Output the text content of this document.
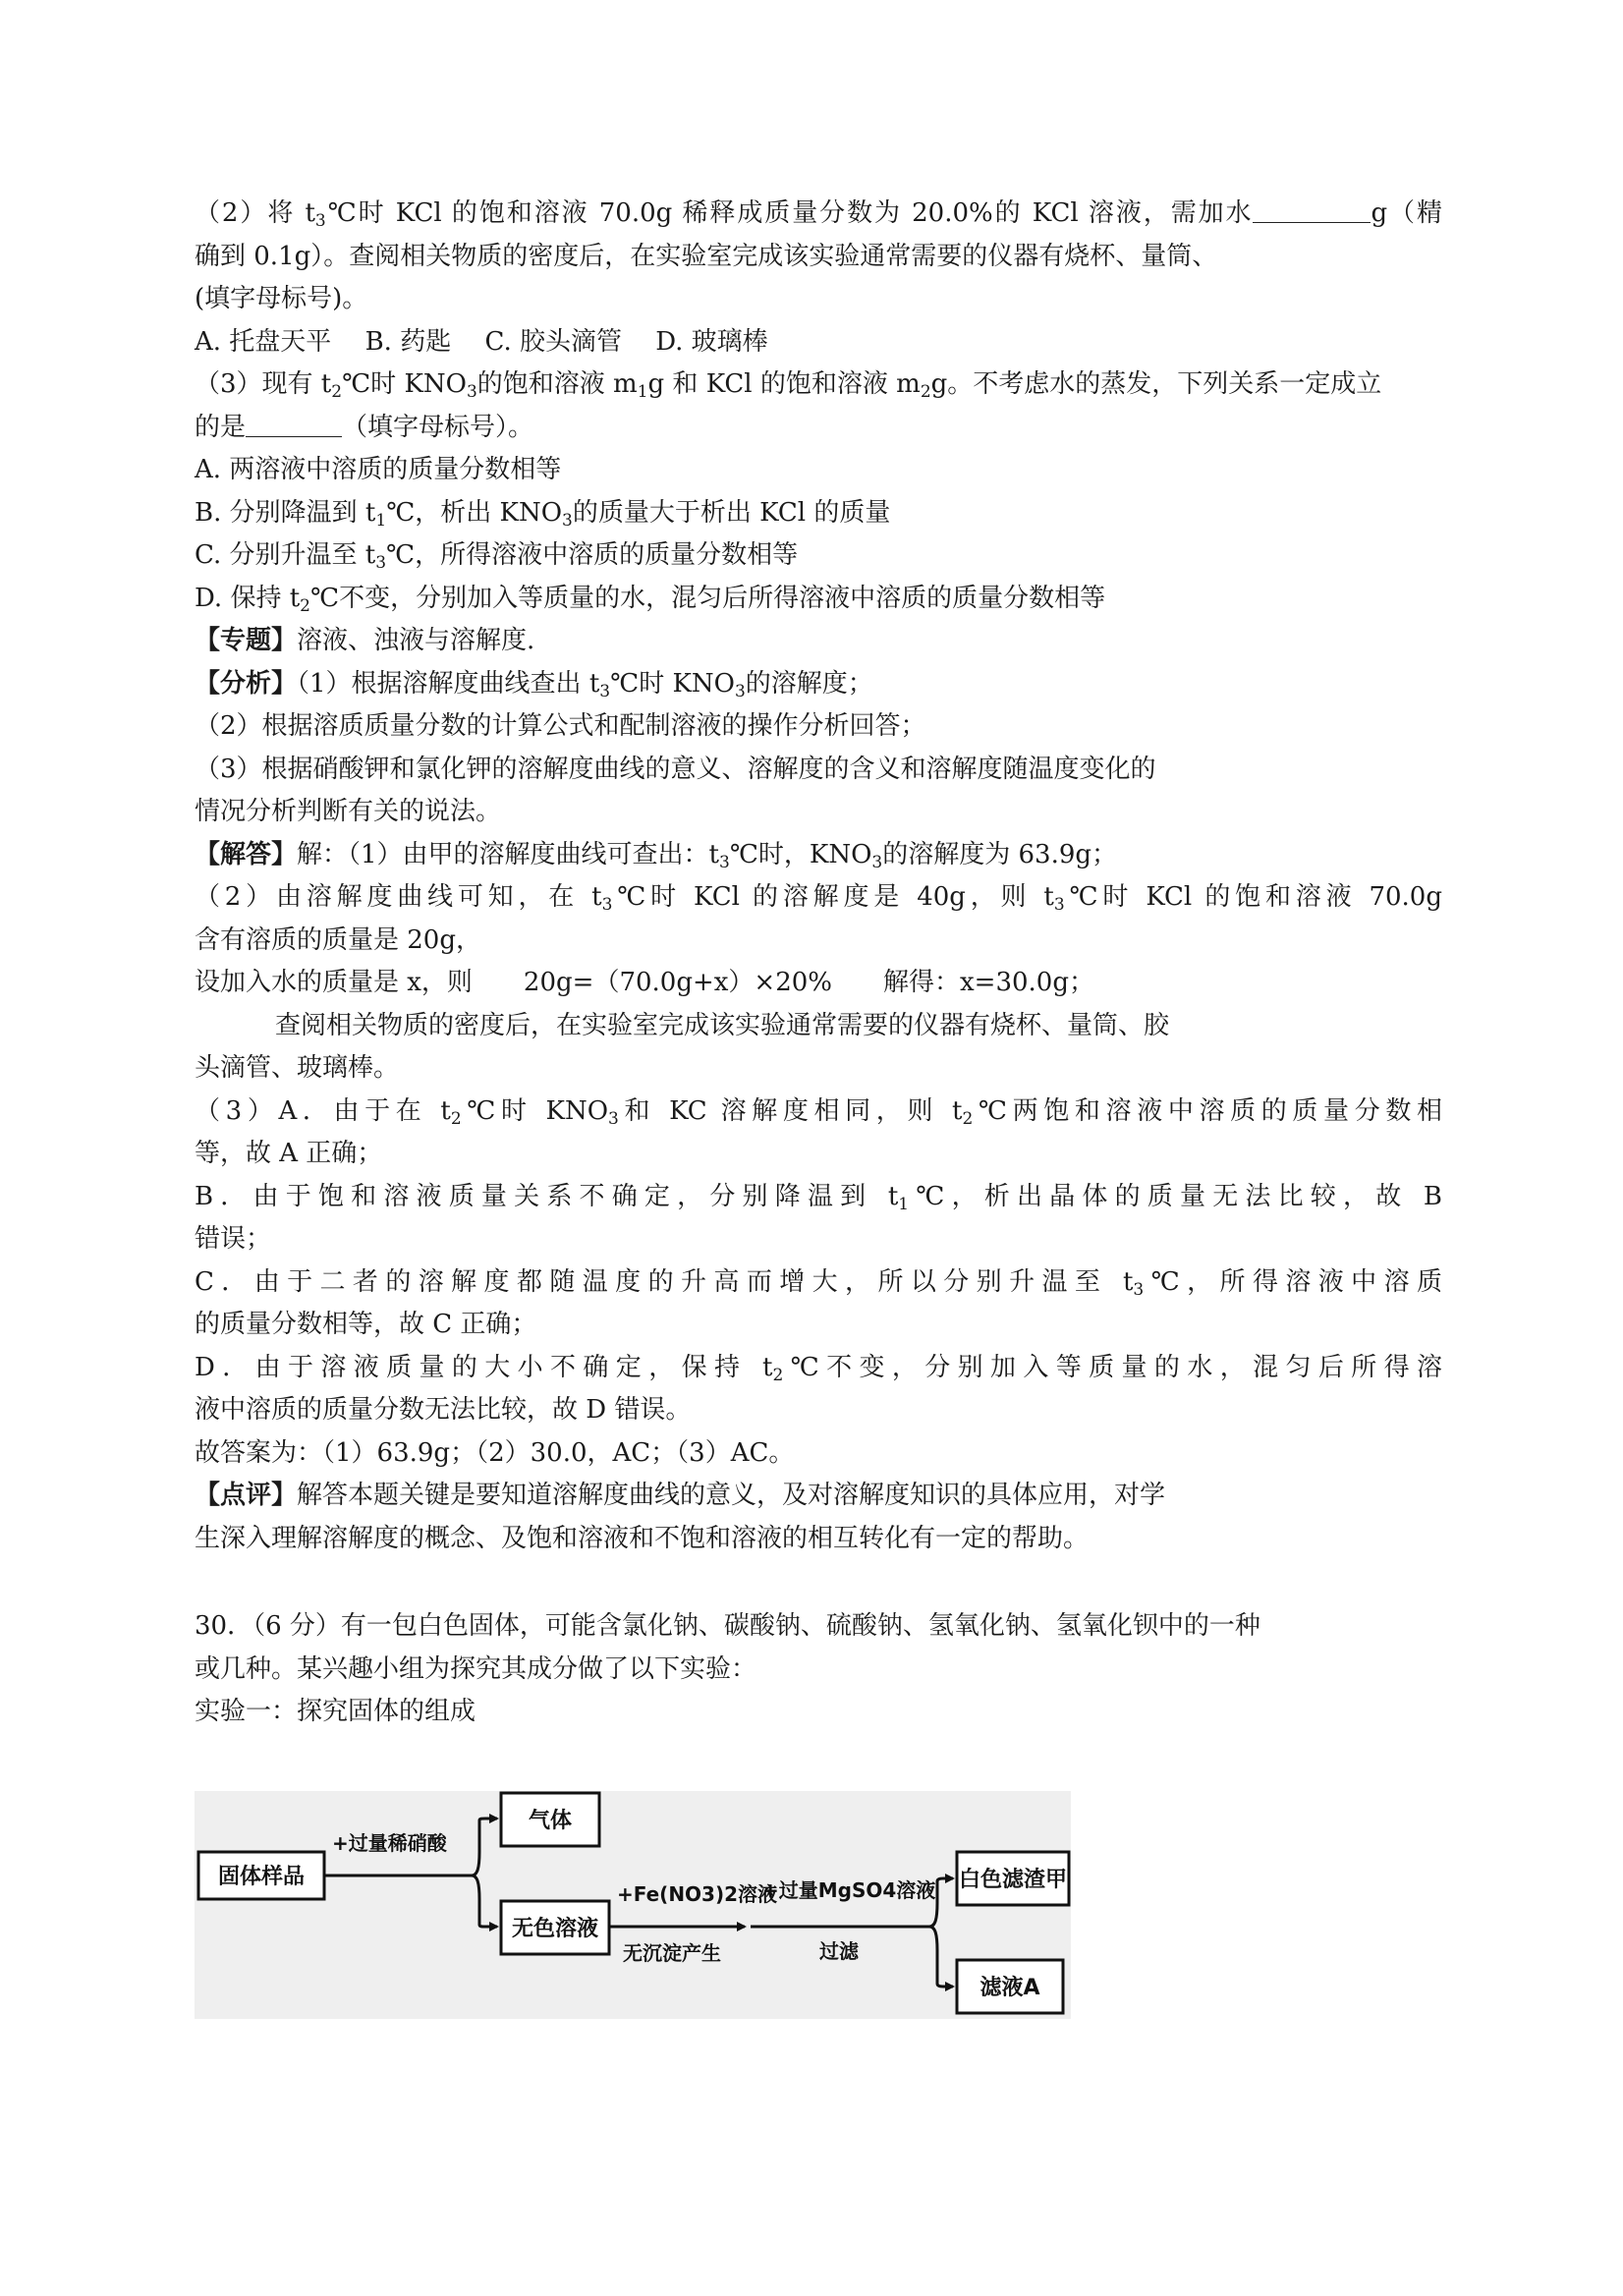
（2）将 $t_3℃$时 KCl 的饱和溶液 70.0g 稀释成质量分数为 20.0%的 KCl 溶液，需加水	g（精
确到 0.1g）。查阅相关物质的密度后，在实验室完成该实验通常需要的仪器有烧杯、量筒、
(填字母标号)。
A. 托盘天平　 B. 药匙　 C. 胶头滴管　 D. 玻璃棒
（3）现有 $t_2℃$时 $KNO_3$的饱和溶液 $m_1g$ 和 KCl 的饱和溶液 $m_2g$。不考虑水的蒸发，下列关系一定成立
的是	（填字母标号）。
A. 两溶液中溶质的质量分数相等
B. 分别降温到 $t_1℃$，析出 $KNO_3$的质量大于析出 KCl 的质量
C. 分别升温至 $t_3℃$，所得溶液中溶质的质量分数相等
D. 保持 $t_2℃$不变，分别加入等质量的水，混匀后所得溶液中溶质的质量分数相等
【专题】溶液、浊液与溶解度.
【分析】（1）根据溶解度曲线查出 $t_3℃$时 $KNO_3$的溶解度；
（2）根据溶质质量分数的计算公式和配制溶液的操作分析回答；
（3）根据硝酸钾和氯化钾的溶解度曲线的意义、溶解度的含义和溶解度随温度变化的
情况分析判断有关的说法。
【解答】解：（1）由甲的溶解度曲线可查出：$t_3℃$时，$KNO_3$的溶解度为 63.9g；
（2）由溶解度曲线可知，在 $t_3℃$时 KCl 的溶解度是 40g，则 $t_3℃$时 KCl 的饱和溶液 70.0g
含有溶质的质量是 20g，
设加入水的质量是 x，则　　20g=（70.0g+x）×20%　　解得：x=30.0g；
查阅相关物质的密度后，在实验室完成该实验通常需要的仪器有烧杯、量筒、胶
头滴管、玻璃棒。
（3）A．由于在 $t_2℃$时 $KNO_3$和 KC 溶解度相同，则 $t_2℃$两饱和溶液中溶质的质量分数相
等，故 A 正确；
B．由于饱和溶液质量关系不确定，分别降温到 $t_1℃$，析出晶体的质量无法比较，故 B
错误；
C．由于二者的溶解度都随温度的升高而增大，所以分别升温至 $t_3℃$，所得溶液中溶质
的质量分数相等，故 C 正确；
D．由于溶液质量的大小不确定，保持 $t_2℃$不变，分别加入等质量的水，混匀后所得溶
液中溶质的质量分数无法比较，故 D 错误。
故答案为：（1）63.9g；（2）30.0，AC；（3）AC。
【点评】解答本题关键是要知道溶解度曲线的意义，及对溶解度知识的具体应用，对学
生深入理解溶解度的概念、及饱和溶液和不饱和溶液的相互转化有一定的帮助。
30．（6 分）有一包白色固体，可能含氯化钠、碳酸钠、硫酸钠、氢氧化钠、氢氧化钡中的一种
或几种。某兴趣小组为探究其成分做了以下实验：
实验一：探究固体的组成
固体样品
气体
无色溶液
白色滤渣甲
滤液A
+过量稀硝酸
+Fe(NO3)2溶液
无沉淀产生
+过量MgSO4溶液
过滤
